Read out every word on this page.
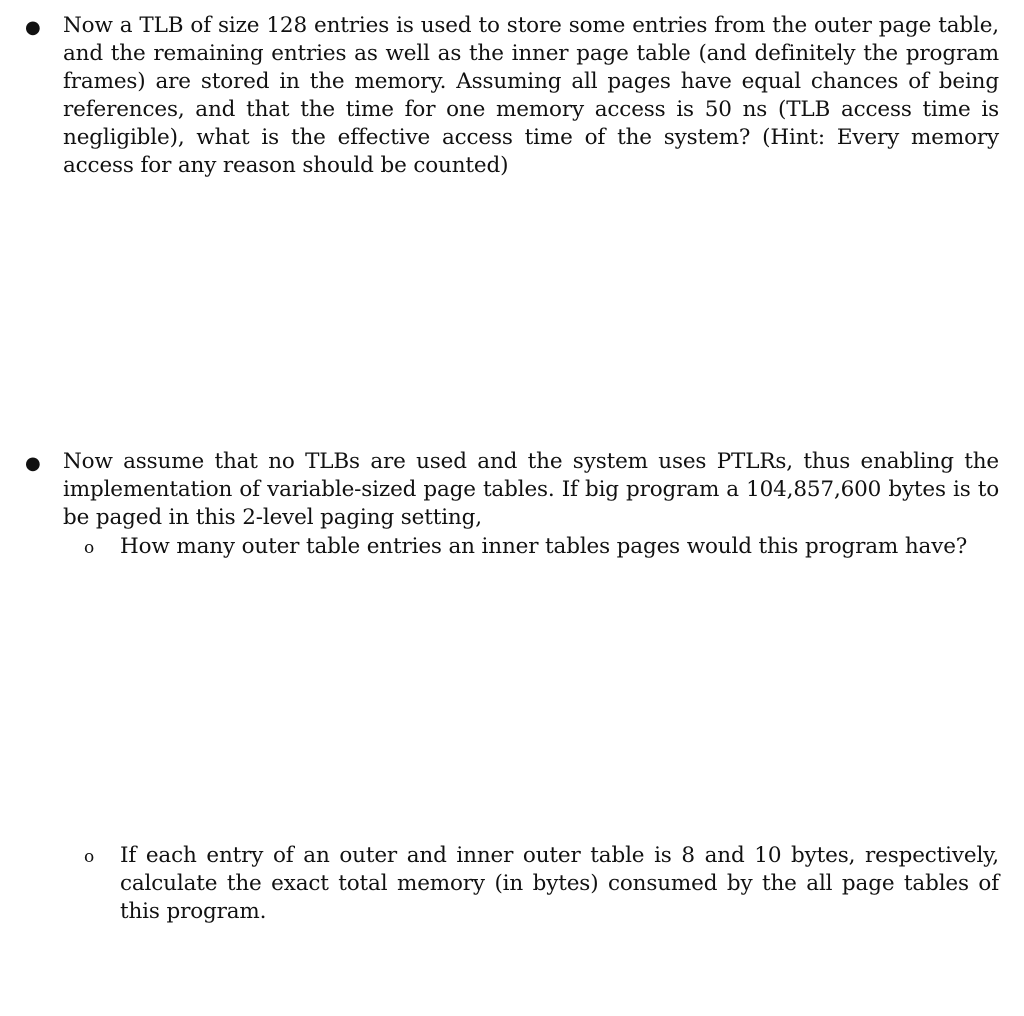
● Now a TLB of size 128 entries is used to store some entries from the outer page table, and the remaining entries as well as the inner page table (and definitely the program frames) are stored in the memory. Assuming all pages have equal chances of being references, and that the time for one memory access is 50 ns (TLB access time is negligible), what is the effective access time of the system? (Hint: Every memory access for any reason should be counted)
● Now assume that no TLBs are used and the system uses PTLRs, thus enabling the implementation of variable-sized page tables. If big program a 104,857,600 bytes is to be paged in this 2-level paging setting,
o How many outer table entries an inner tables pages would this program have?
o If each entry of an outer and inner outer table is 8 and 10 bytes, respectively, calculate the exact total memory (in bytes) consumed by the all page tables of this program.
